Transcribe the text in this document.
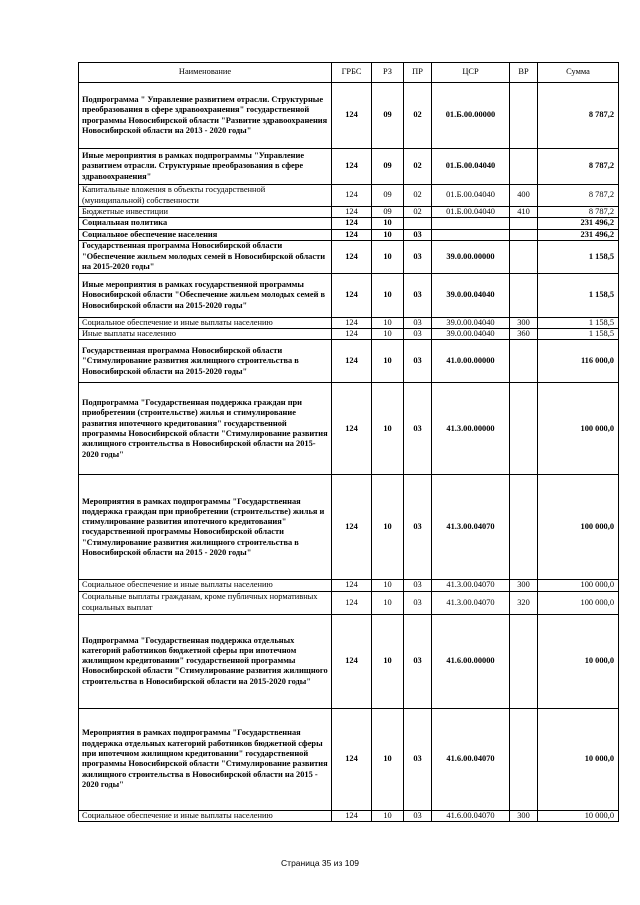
Наименование	ГРБС	РЗ	ПР	ЦСР	ВР	Сумма
Подпрограмма " Управление развитием отрасли. Структурные преобразования в сфере здравоохранения" государственной программы Новосибирской области "Развитие здравоохранения Новосибирской области на 2013 - 2020 годы"	124	09	02	01.Б.00.00000		8 787,2
Иные мероприятия в рамках подпрограммы "Управление развитием отрасли. Структурные преобразования в сфере здравоохранения"	124	09	02	01.Б.00.04040		8 787,2
Капитальные вложения в объекты государственной (муниципальной) собственности	124	09	02	01.Б.00.04040	400	8 787,2
Бюджетные инвестиции	124	09	02	01.Б.00.04040	410	8 787,2
Социальная политика	124	10				231 496,2
Социальное обеспечение населения	124	10	03			231 496,2
Государственная программа Новосибирской области "Обеспечение жильем молодых семей в Новосибирской области на 2015-2020 годы"	124	10	03	39.0.00.00000		1 158,5
Иные мероприятия в рамках государственной программы Новосибирской области "Обеспечение жильем молодых семей в Новосибирской области на 2015-2020 годы"	124	10	03	39.0.00.04040		1 158,5
Социальное обеспечение и иные выплаты населению	124	10	03	39.0.00.04040	300	1 158,5
Иные выплаты населению	124	10	03	39.0.00.04040	360	1 158,5
Государственная программа Новосибирской области "Стимулирование развития жилищного строительства в Новосибирской области на 2015-2020 годы"	124	10	03	41.0.00.00000		116 000,0
Подпрограмма "Государственная поддержка граждан при приобретении (строительстве) жилья и стимулирование развития ипотечного кредитования" государственной программы Новосибирской области "Стимулирование развития жилищного строительства в Новосибирской области на 2015-2020 годы"	124	10	03	41.3.00.00000		100 000,0
Мероприятия в рамках подпрограммы "Государственная поддержка граждан при приобретении (строительстве) жилья и стимулирование развития ипотечного кредитования" государственной программы Новосибирской области "Стимулирование развития жилищного строительства в Новосибирской области на 2015 - 2020 годы"	124	10	03	41.3.00.04070		100 000,0
Социальное обеспечение и иные выплаты населению	124	10	03	41.3.00.04070	300	100 000,0
Социальные выплаты гражданам, кроме публичных нормативных социальных выплат	124	10	03	41.3.00.04070	320	100 000,0
Подпрограмма "Государственная поддержка отдельных категорий работников бюджетной сферы при ипотечном жилищном кредитовании" государственной программы Новосибирской области "Стимулирование развития жилищного строительства в Новосибирской области на 2015-2020 годы"	124	10	03	41.6.00.00000		10 000,0
Мероприятия в рамках подпрограммы "Государственная поддержка отдельных категорий работников бюджетной сферы при ипотечном жилищном кредитовании" государственной программы Новосибирской области "Стимулирование развития жилищного строительства в Новосибирской области на 2015 - 2020 годы"	124	10	03	41.6.00.04070		10 000,0
Социальное обеспечение и иные выплаты населению	124	10	03	41.6.00.04070	300	10 000,0
Страница 35 из 109
